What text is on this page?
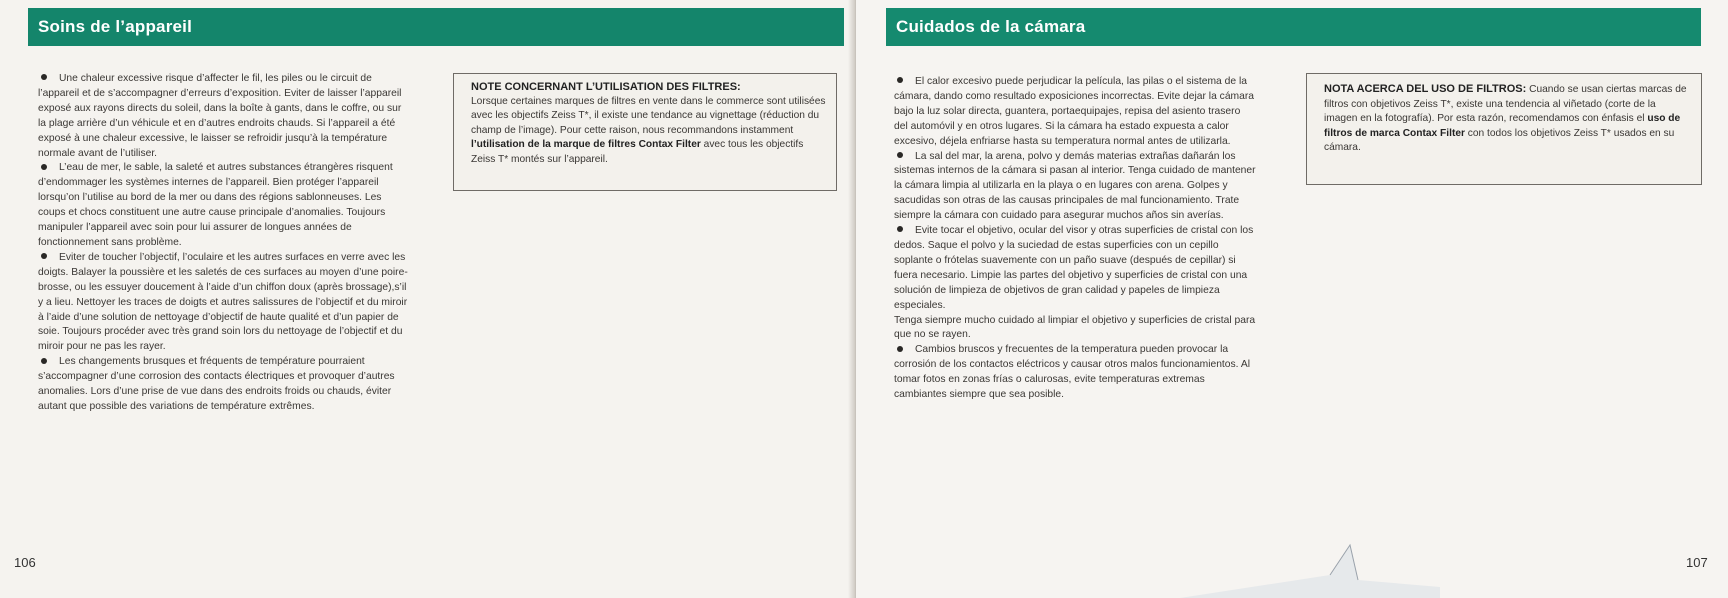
Soins de l’appareil

Une chaleur excessive risque d’affecter le fil, les piles ou le circuit de l’appareil et de s’accompagner d’erreurs d’exposition. Eviter de laisser l’appareil exposé aux rayons directs du soleil, dans la boîte à gants, dans le coffre, ou sur la plage arrière d’un véhicule et en d’autres endroits chauds. Si l’appareil a été exposé à une chaleur excessive, le laisser se refroidir jusqu’à la température normale avant de l’utiliser.

L’eau de mer, le sable, la saleté et autres substances étrangères risquent d’endommager les systèmes internes de l’appareil. Bien protéger l’appareil lorsqu’on l’utilise au bord de la mer ou dans des régions sablonneuses. Les coups et chocs constituent une autre cause principale d’anomalies. Toujours manipuler l’appareil avec soin pour lui assurer de longues années de fonctionnement sans problème.

Eviter de toucher l’objectif, l’oculaire et les autres surfaces en verre avec les doigts. Balayer la poussière et les saletés de ces surfaces au moyen d’une poire-brosse, ou les essuyer doucement à l’aide d’un chiffon doux (après brossage),s’il y a lieu. Nettoyer les traces de doigts et autres salissures de l’objectif et du miroir à l’aide d’une solution de nettoyage d’objectif de haute qualité et d’un papier de soie. Toujours procéder avec très grand soin lors du nettoyage de l’objectif et du miroir pour ne pas les rayer.

Les changements brusques et fréquents de température pourraient s’accompagner d’une corrosion des contacts électriques et provoquer d’autres anomalies. Lors d’une prise de vue dans des endroits froids ou chauds, éviter autant que possible des variations de température extrêmes.

NOTE CONCERNANT L’UTILISATION DES FILTRES:
Lorsque certaines marques de filtres en vente dans le commerce sont utilisées avec les objectifs Zeiss T*, il existe une tendance au vignettage (réduction du champ de l’image). Pour cette raison, nous recommandons instamment l’utilisation de la marque de filtres Contax Filter avec tous les objectifs Zeiss T* montés sur l’appareil.
106
Cuidados de la cámara

El calor excesivo puede perjudicar la película, las pilas o el sistema de la cámara, dando como resultado exposiciones incorrectas. Evite dejar la cámara bajo la luz solar directa, guantera, portaequipajes, repisa del asiento trasero del automóvil y en otros lugares. Si la cámara ha estado expuesta a calor excesivo, déjela enfriarse hasta su temperatura normal antes de utilizarla.

La sal del mar, la arena, polvo y demás materias extrañas dañarán los sistemas internos de la cámara si pasan al interior. Tenga cuidado de mantener la cámara limpia al utilizarla en la playa o en lugares con arena. Golpes y sacudidas son otras de las causas principales de mal funcionamiento. Trate siempre la cámara con cuidado para asegurar muchos años sin averías.

Evite tocar el objetivo, ocular del visor y otras superficies de cristal con los dedos. Saque el polvo y la suciedad de estas superficies con un cepillo soplante o frótelas suavemente con un paño suave (después de cepillar) si fuera necesario. Limpie las partes del objetivo y superficies de cristal con una solución de limpieza de objetivos de gran calidad y papeles de limpieza especiales.

Tenga siempre mucho cuidado al limpiar el objetivo y superficies de cristal para que no se rayen.

Cambios bruscos y frecuentes de la temperatura pueden provocar la corrosión de los contactos eléctricos y causar otros malos funcionamientos. Al tomar fotos en zonas frías o calurosas, evite temperaturas extremas cambiantes siempre que sea posible.

NOTA ACERCA DEL USO DE FILTROS: Cuando se usan ciertas marcas de filtros con objetivos Zeiss T*, existe una tendencia al viñetado (corte de la imagen en la fotografía). Por esta razón, recomendamos con énfasis el uso de filtros de marca Contax Filter con todos los objetivos Zeiss T* usados en su cámara.
107
